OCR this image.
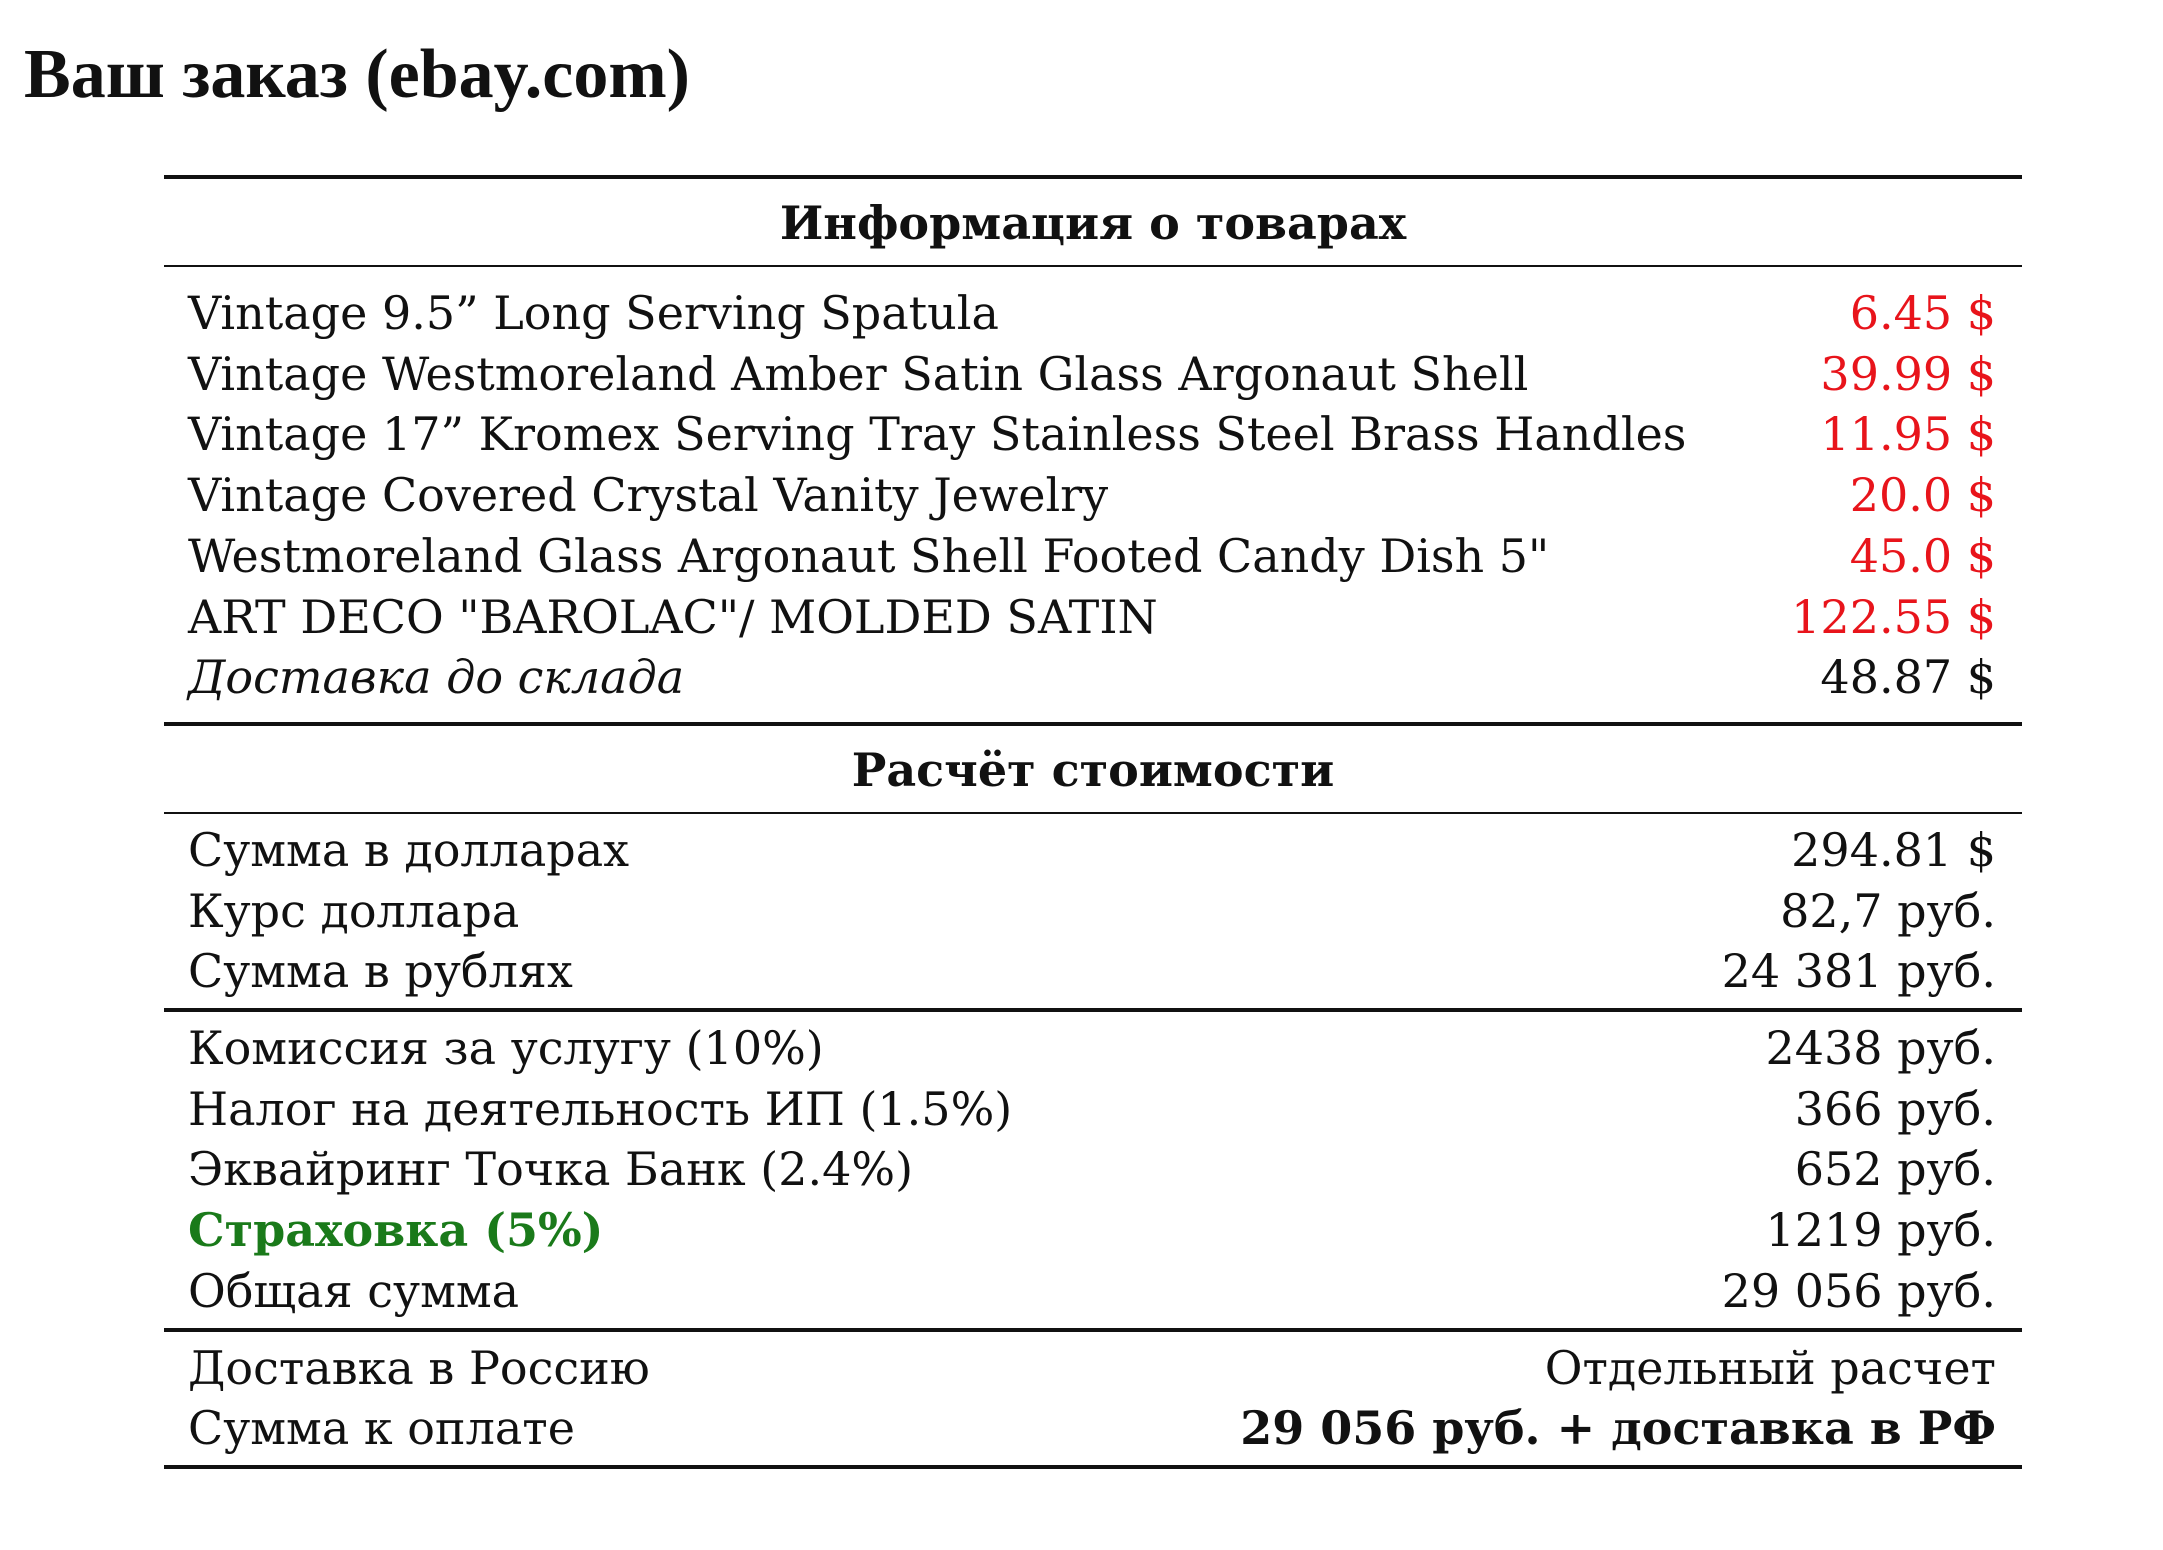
Ваш заказ (ebay.com)
Информация о товарах
Vintage 9.5” Long Serving Spatula	6.45 $
Vintage Westmoreland Amber Satin Glass Argonaut Shell	39.99 $
Vintage 17” Kromex Serving Tray Stainless Steel Brass Handles	11.95 $
Vintage Covered Crystal Vanity Jewelry	20.0 $
Westmoreland Glass Argonaut Shell Footed Candy Dish 5"	45.0 $
ART DECO "BAROLAC"/ MOLDED SATIN	122.55 $
Доставка до склада	48.87 $
Расчёт стоимости
Сумма в долларах	294.81 $
Курс доллара	82,7 руб.
Сумма в рублях	24 381 руб.
Комиссия за услугу (10%)	2438 руб.
Налог на деятельность ИП (1.5%)	366 руб.
Эквайринг Точка Банк (2.4%)	652 руб.
Страховка (5%)	1219 руб.
Общая сумма	29 056 руб.
Доставка в Россию	Отдельный расчет
Сумма к оплате	29 056 руб. + доставка в РФ
